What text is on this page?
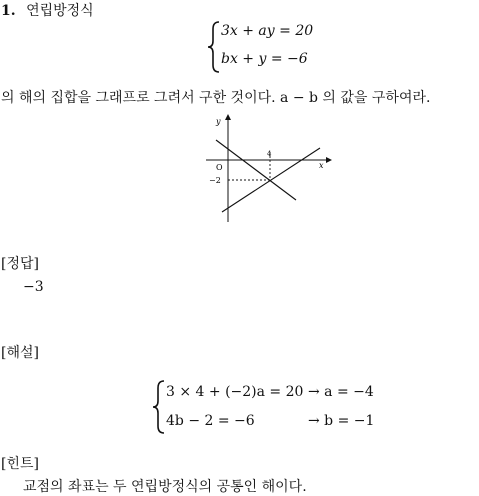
1. 연립방정식
3x + ay = 20
bx + y = −6
의 해의 집합을 그래프로 그려서 구한 것이다. a − b 의 값을 구하여라.
y
x
O
4
−2
[정답]
−3
[해설]
3 × 4 + (−2)a = 20 → a = −4
4b − 2 = −6	→ b = −1
[힌트]
교점의 좌표는 두 연립방정식의 공통인 해이다.
